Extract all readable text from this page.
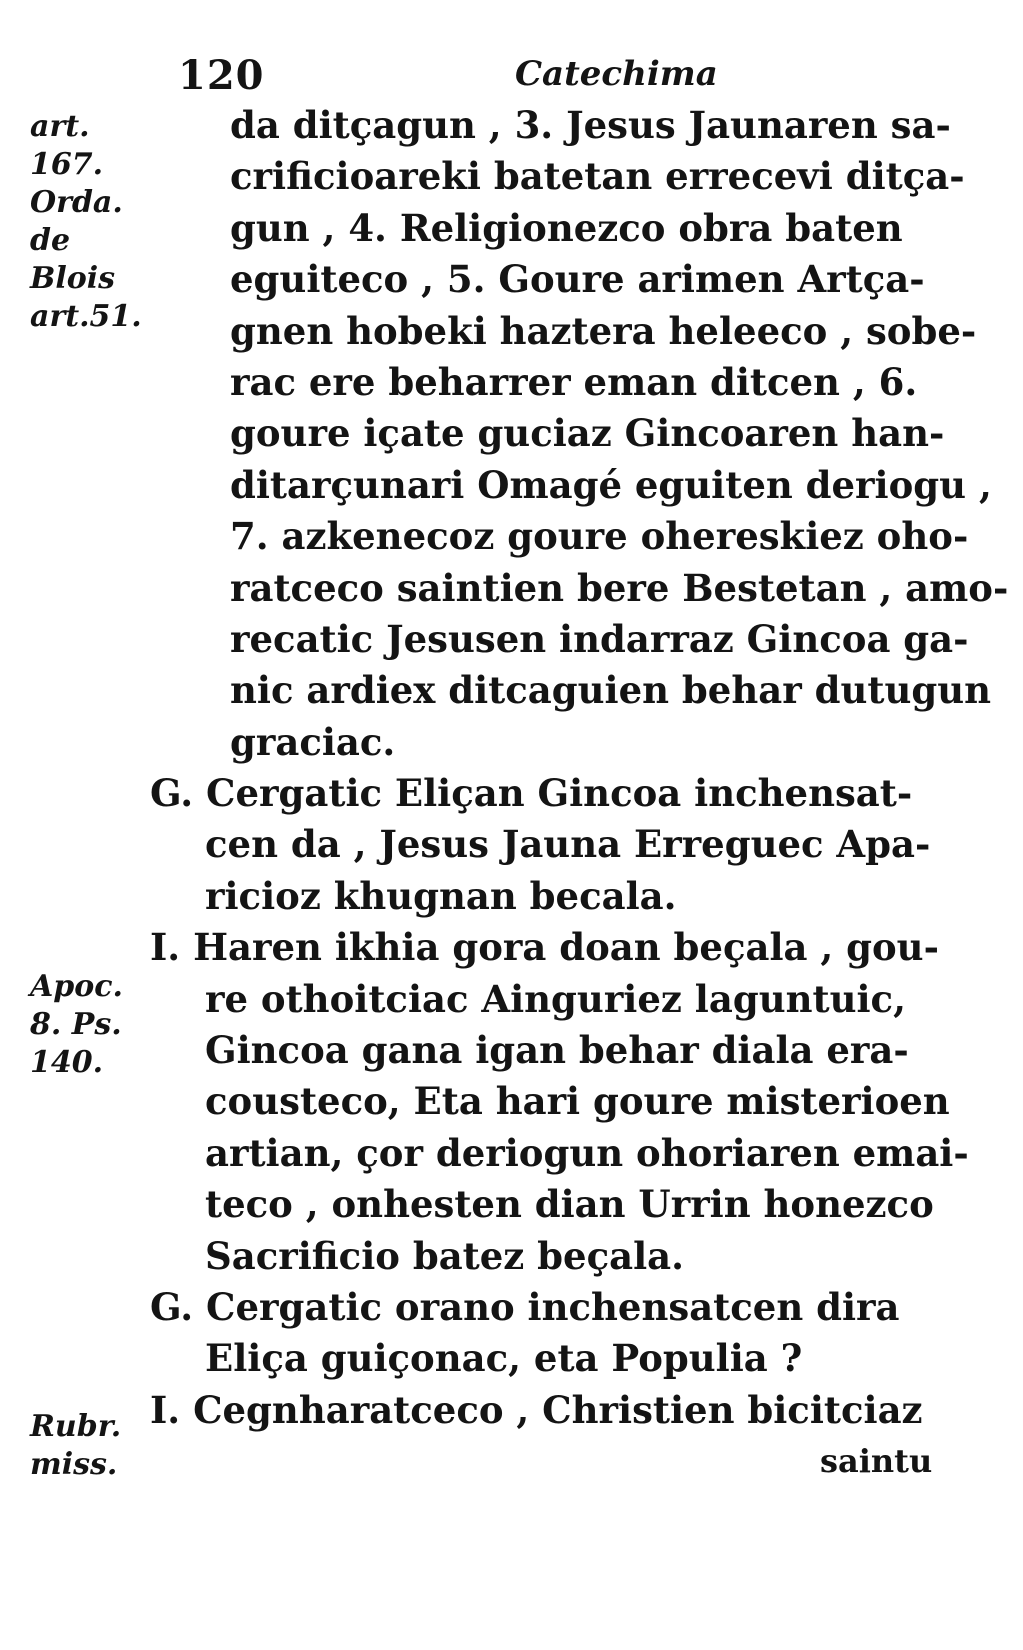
120	Catechima
art.
167.
Orda.
de
Blois
art.51.
Apoc.
8. Ps.
140.
Rubr.
miss.
da ditçagun , 3. Jesus Jaunaren sa-
crificioareki batetan errecevi ditça-
gun , 4. Religionezco obra baten
eguiteco , 5. Goure arimen Artça-
gnen hobeki haztera heleeco , sobe-
rac ere beharrer eman ditcen , 6.
goure içate guciaz Gincoaren han-
ditarçunari Omagé eguiten deriogu ,
7. azkenecoz goure ohereskiez oho-
ratceco saintien bere Bestetan , amo-
recatic Jesusen indarraz Gincoa ga-
nic ardiex ditcaguien behar dutugun
graciac.
G. Cergatic Eliçan Gincoa inchensat-
cen da , Jesus Jauna Erreguec Apa-
ricioz khugnan becala.
I. Haren ikhia gora doan beçala , gou-
re othoitciac Ainguriez laguntuic,
Gincoa gana igan behar diala era-
cousteco, Eta hari goure misterioen
artian, çor deriogun ohoriaren emai-
teco , onhesten dian Urrin honezco
Sacrificio batez beçala.
G. Cergatic orano inchensatcen dira
Eliça guiçonac, eta Populia ?
I. Cegnharatceco , Christien bicitciaz
saintu
